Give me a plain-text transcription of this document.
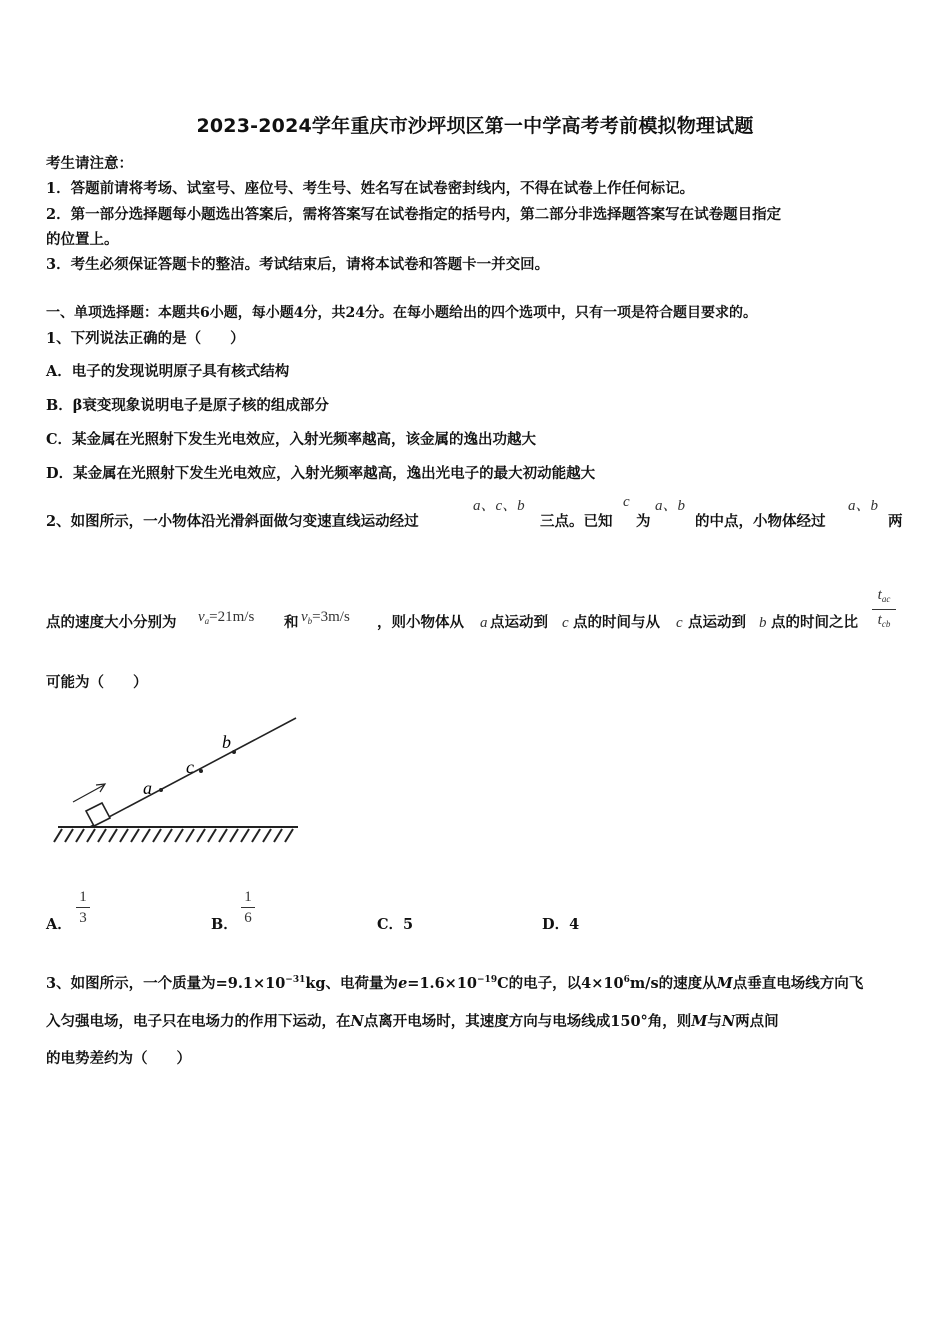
2023-2024学年重庆市沙坪坝区第一中学高考考前模拟物理试题
考生请注意：
1．答题前请将考场、试室号、座位号、考生号、姓名写在试卷密封线内，不得在试卷上作任何标记。
2．第一部分选择题每小题选出答案后，需将答案写在试卷指定的括号内，第二部分非选择题答案写在试卷题目指定
的位置上。
3．考生必须保证答题卡的整洁。考试结束后，请将本试卷和答题卡一并交回。
一、单项选择题：本题共6小题，每小题4分，共24分。在每小题给出的四个选项中，只有一项是符合题目要求的。
1、下列说法正确的是（　　）
A．电子的发现说明原子具有核式结构
B．β衰变现象说明电子是原子核的组成部分
C．某金属在光照射下发生光电效应，入射光频率越高，该金属的逸出功越大
D．某金属在光照射下发生光电效应，入射光频率越高，逸出光电子的最大初动能越大
2、如图所示，一小物体沿光滑斜面做匀变速直线运动经过
a、c、b
三点。已知
c
为
a、b
的中点，小物体经过
a、b
两
点的速度大小分别为 $v_a=21m/s$ 和 $v_b=3m/s$ ，则小物体从 a 点运动到 c 点的时间与从 c 点运动到 b 点的时间之比
$t_{ac}$
$t_{cb}$
可能为（　　）
a
c
b
A．
1
3	B．
1
6	C．5	D．4
3、如图所示，一个质量为$=9.1\times 10^{-31}kg$、电荷量为$e=1.6\times 10^{-19}C$的电子，以$4\times 10^6m/s$的速度从M点垂直电场线方向飞
入匀强电场，电子只在电场力的作用下运动，在N点离开电场时，其速度方向与电场线成150°角，则M与N两点间
的电势差约为（　　）
